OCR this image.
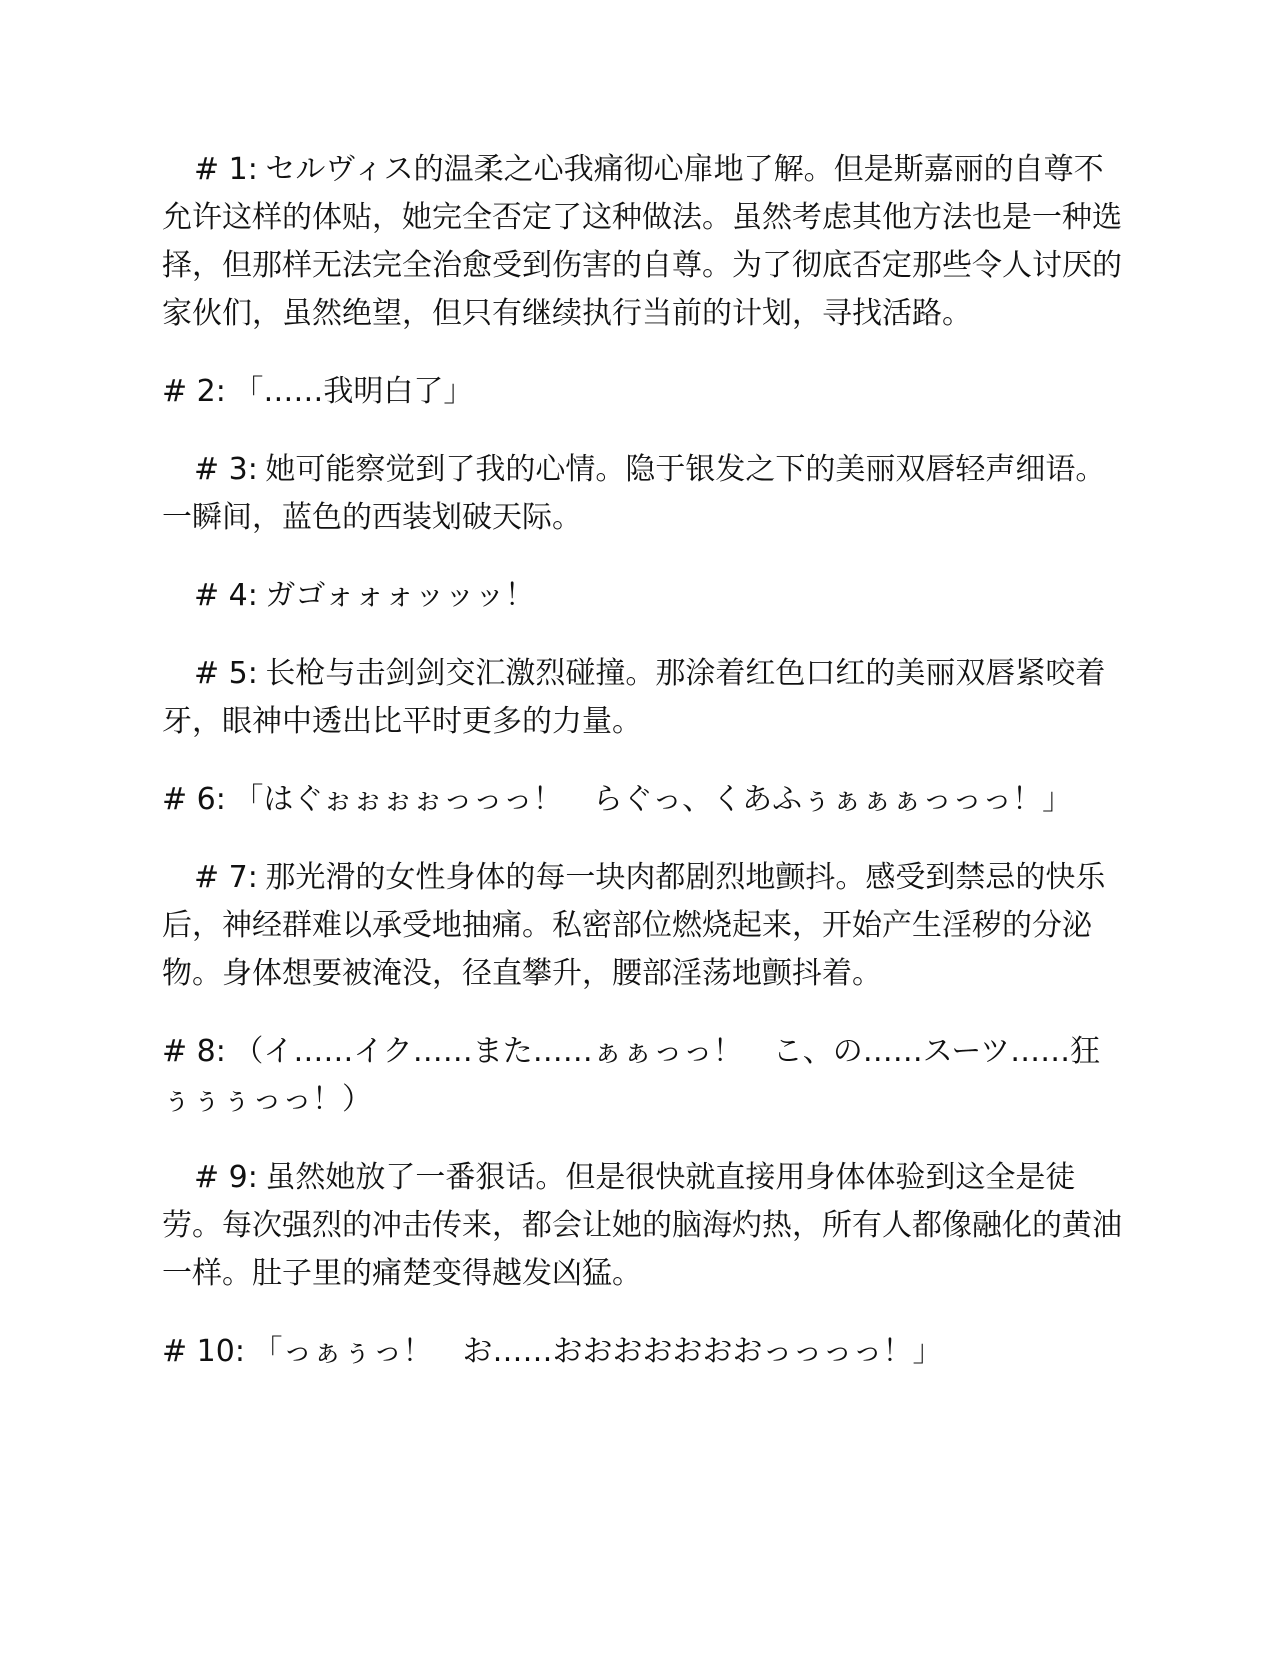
# 1: セルヴィス的温柔之心我痛彻心扉地了解。但是斯嘉丽的自尊不允许这样的体贴，她完全否定了这种做法。虽然考虑其他方法也是一种选择，但那样无法完全治愈受到伤害的自尊。为了彻底否定那些令人讨厌的家伙们，虽然绝望，但只有继续执行当前的计划，寻找活路。

# 2: 「……我明白了」

# 3: 她可能察觉到了我的心情。隐于银发之下的美丽双唇轻声细语。一瞬间，蓝色的西装划破天际。

# 4: ガゴォォォッッッ！

# 5: 长枪与击剑剑交汇激烈碰撞。那涂着红色口红的美丽双唇紧咬着牙，眼神中透出比平时更多的力量。

# 6: 「はぐぉぉぉぉっっっ！　らぐっ、くあふぅぁぁぁっっっ！」

# 7: 那光滑的女性身体的每一块肉都剧烈地颤抖。感受到禁忌的快乐后，神经群难以承受地抽痛。私密部位燃烧起来，开始产生淫秽的分泌物。身体想要被淹没，径直攀升，腰部淫荡地颤抖着。

# 8: （イ……イク……また……ぁぁっっ！　こ、の……スーツ……狂ぅぅぅっっ！）

# 9: 虽然她放了一番狠话。但是很快就直接用身体体验到这全是徒劳。每次强烈的冲击传来，都会让她的脑海灼热，所有人都像融化的黄油一样。肚子里的痛楚变得越发凶猛。

# 10: 「っぁぅっ！　お……おおおおおおおっっっっ！」
